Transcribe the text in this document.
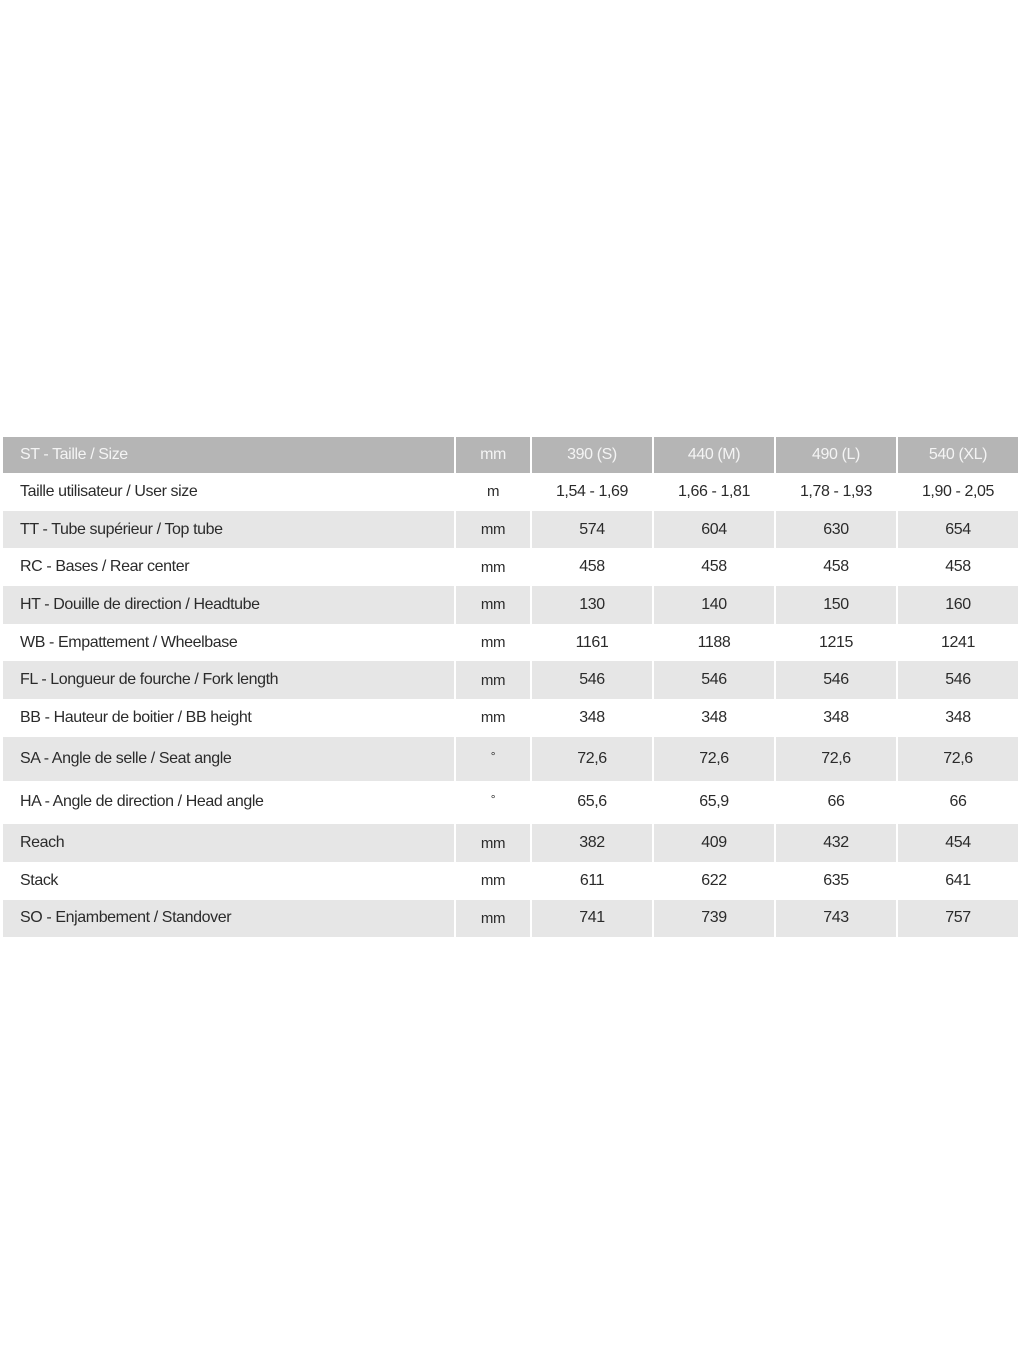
ST - Taille / Size	mm	390 (S)	440 (M)	490 (L)	540 (XL)
Taille utilisateur / User size	m	1,54 - 1,69	1,66 - 1,81	1,78 - 1,93	1,90 - 2,05
TT - Tube supérieur / Top tube	mm	574	604	630	654
RC - Bases / Rear center	mm	458	458	458	458
HT - Douille de direction / Headtube	mm	130	140	150	160
WB - Empattement / Wheelbase	mm	1161	1188	1215	1241
FL - Longueur de fourche / Fork length	mm	546	546	546	546
BB - Hauteur de boitier / BB height	mm	348	348	348	348
SA - Angle de selle / Seat angle	°	72,6	72,6	72,6	72,6
HA - Angle de direction / Head angle	°	65,6	65,9	66	66
Reach	mm	382	409	432	454
Stack	mm	611	622	635	641
SO - Enjambement / Standover	mm	741	739	743	757
